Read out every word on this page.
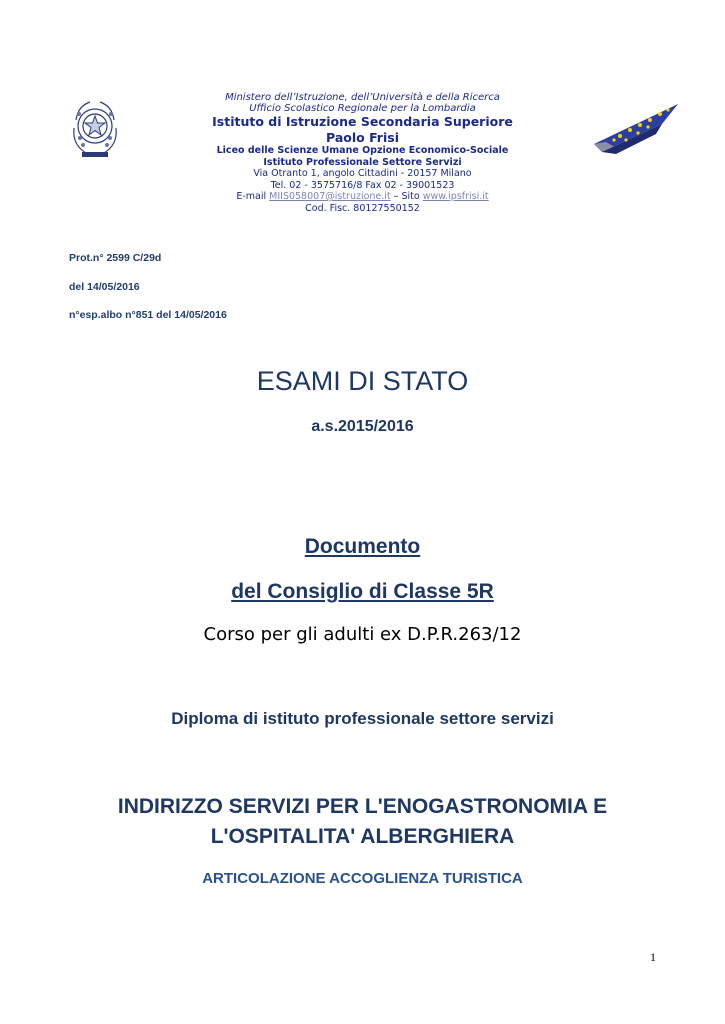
Ministero dell’Istruzione, dell’Università e della Ricerca
Ufficio Scolastico Regionale per la Lombardia
Istituto di Istruzione Secondaria Superiore
Paolo Frisi
Liceo delle Scienze Umane Opzione Economico-Sociale
Istituto Professionale Settore Servizi
Via Otranto 1, angolo Cittadini - 20157 Milano
Tel. 02 - 3575716/8 Fax 02 - 39001523
E-mail MIIS058007@istruzione.it – Sito www.ipsfrisi.it
Cod. Fisc. 80127550152
Prot.n° 2599 C/29d
del 14/05/2016
n°esp.albo n°851 del 14/05/2016
ESAMI DI STATO
a.s.2015/2016
Documento
del Consiglio di Classe 5R
Corso per gli adulti ex D.P.R.263/12
Diploma di istituto professionale settore servizi
INDIRIZZO SERVIZI PER L'ENOGASTRONOMIA E
L'OSPITALITA' ALBERGHIERA
ARTICOLAZIONE ACCOGLIENZA TURISTICA
1
